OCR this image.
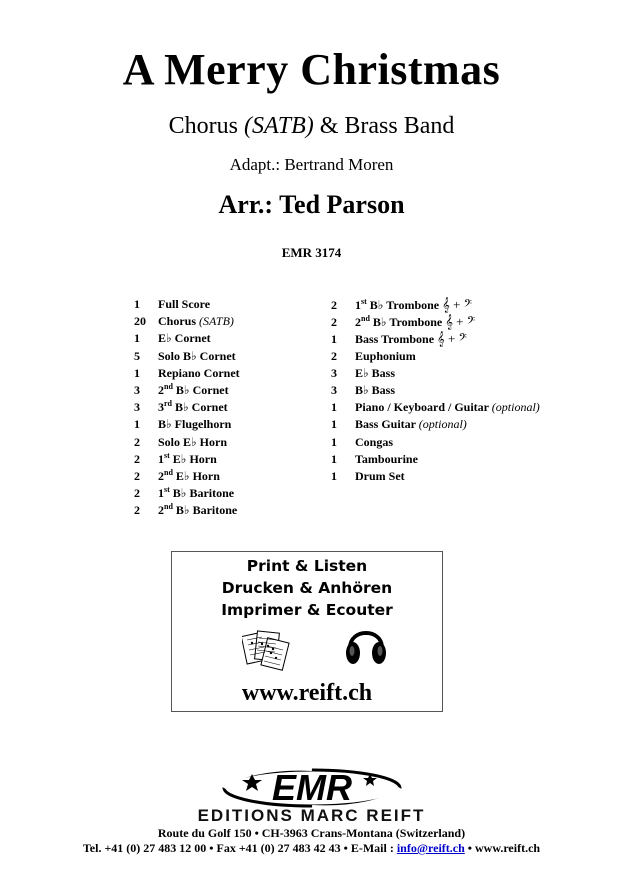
A Merry Christmas
Chorus (SATB) & Brass Band
Adapt.: Bertrand Moren
Arr.: Ted Parson
EMR 3174
1 Full Score
20 Chorus (SATB)
1 E♭ Cornet
5 Solo B♭ Cornet
1 Repiano Cornet
3 2nd B♭ Cornet
3 3rd B♭ Cornet
1 B♭ Flugelhorn
2 Solo E♭ Horn
2 1st E♭ Horn
2 2nd E♭ Horn
2 1st B♭ Baritone
2 2nd B♭ Baritone
2 1st B♭ Trombone 𝄞 + 𝄢
2 2nd B♭ Trombone 𝄞 + 𝄢
1 Bass Trombone 𝄞 + 𝄢
2 Euphonium
3 E♭ Bass
3 B♭ Bass
1 Piano / Keyboard / Guitar (optional)
1 Bass Guitar (optional)
1 Congas
1 Tambourine
1 Drum Set
Print & Listen
Drucken & Anhören
Imprimer & Ecouter
www.reift.ch
EMR
EDITIONS MARC REIFT
Route du Golf 150 • CH-3963 Crans-Montana (Switzerland)
Tel. +41 (0) 27 483 12 00 • Fax +41 (0) 27 483 42 43 • E-Mail : info@reift.ch • www.reift.ch
